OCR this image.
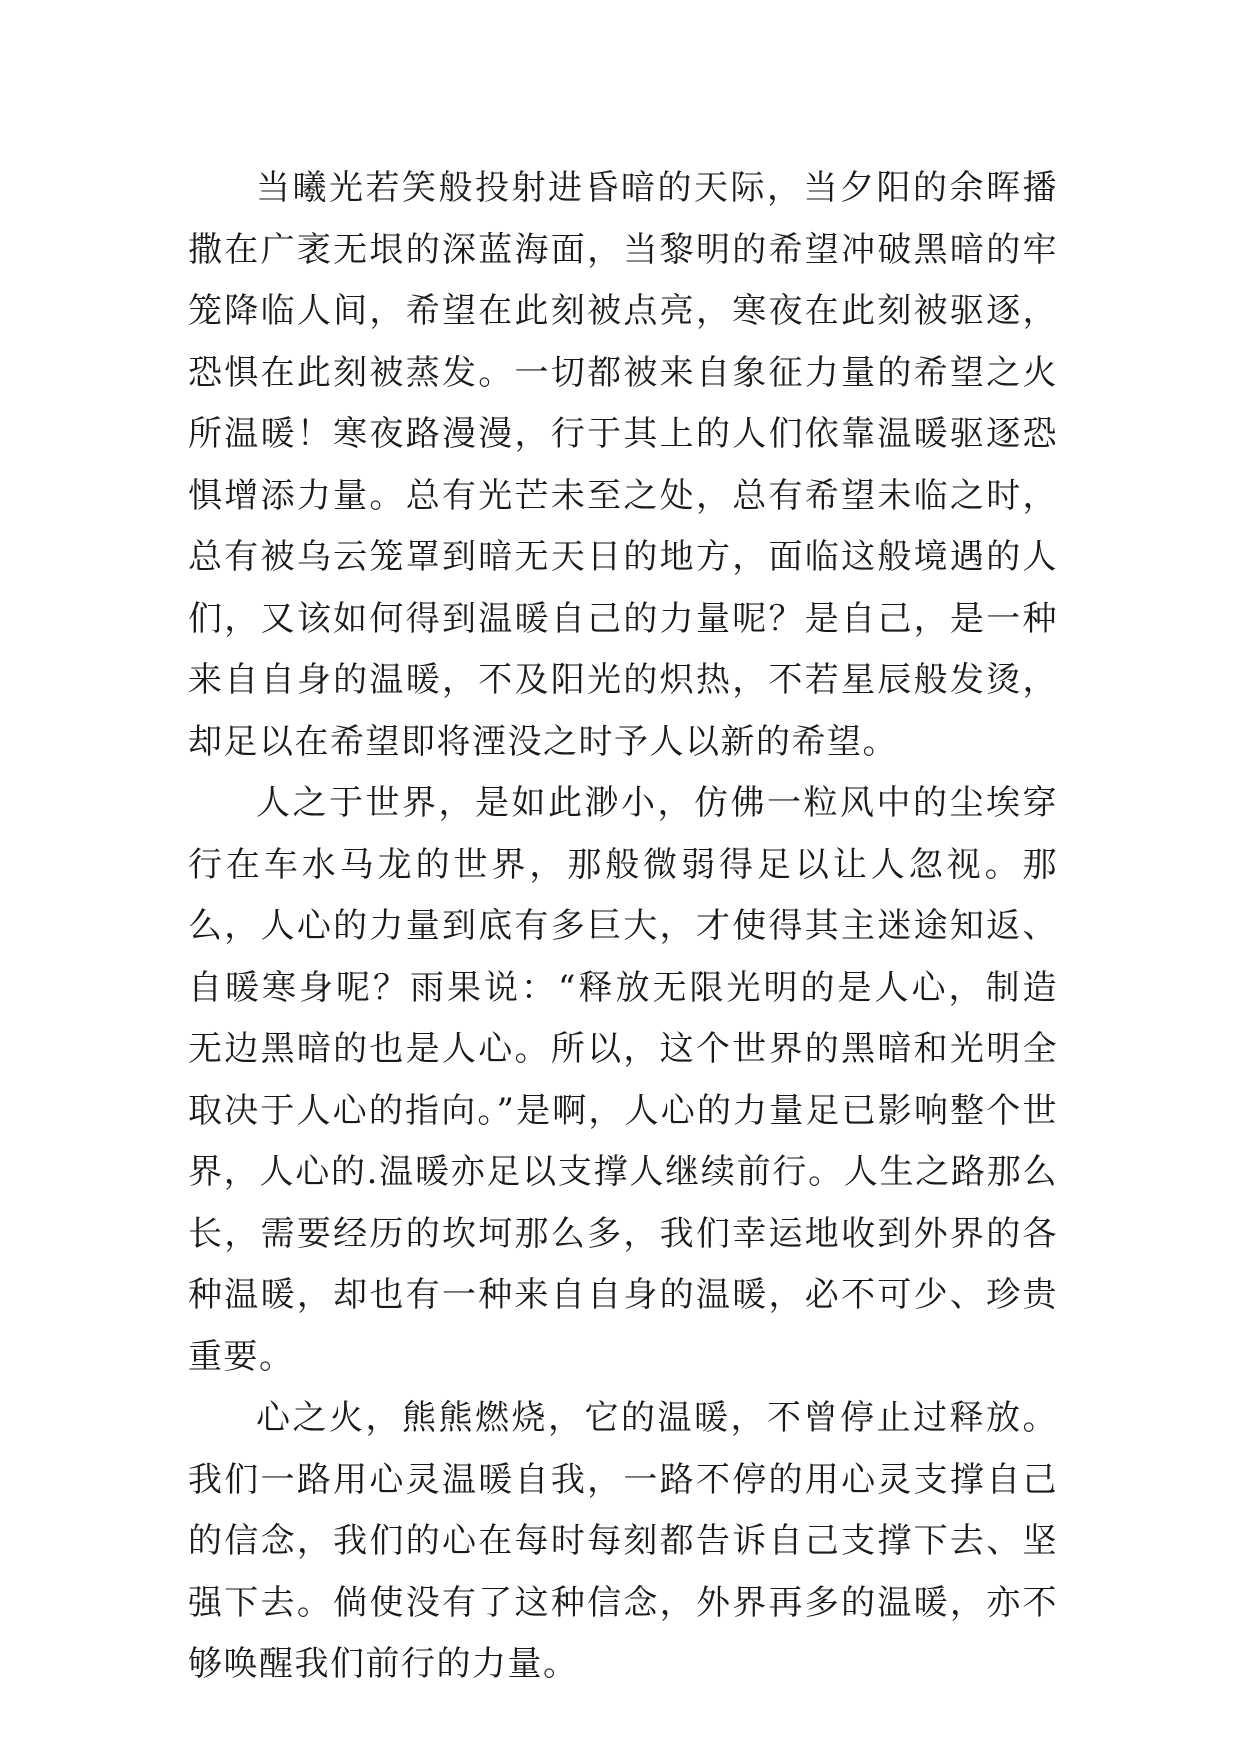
当曦光若笑般投射进昏暗的天际，当夕阳的余晖播撒在广袤无垠的深蓝海面，当黎明的希望冲破黑暗的牢笼降临人间，希望在此刻被点亮，寒夜在此刻被驱逐，恐惧在此刻被蒸发。一切都被来自象征力量的希望之火所温暖！寒夜路漫漫，行于其上的人们依靠温暖驱逐恐惧增添力量。总有光芒未至之处，总有希望未临之时，总有被乌云笼罩到暗无天日的地方，面临这般境遇的人们，又该如何得到温暖自己的力量呢？是自己，是一种来自自身的温暖，不及阳光的炽热，不若星辰般发烫，却足以在希望即将湮没之时予人以新的希望。

人之于世界，是如此渺小，仿佛一粒风中的尘埃穿行在车水马龙的世界，那般微弱得足以让人忽视。那么，人心的力量到底有多巨大，才使得其主迷途知返、自暖寒身呢？雨果说：“释放无限光明的是人心，制造无边黑暗的也是人心。所以，这个世界的黑暗和光明全取决于人心的指向。”是啊，人心的力量足已影响整个世界，人心的.温暖亦足以支撑人继续前行。人生之路那么长，需要经历的坎坷那么多，我们幸运地收到外界的各种温暖，却也有一种来自自身的温暖，必不可少、珍贵重要。

心之火，熊熊燃烧，它的温暖，不曾停止过释放。我们一路用心灵温暖自我，一路不停的用心灵支撑自己的信念，我们的心在每时每刻都告诉自己支撑下去、坚强下去。倘使没有了这种信念，外界再多的温暖，亦不够唤醒我们前行的力量。
